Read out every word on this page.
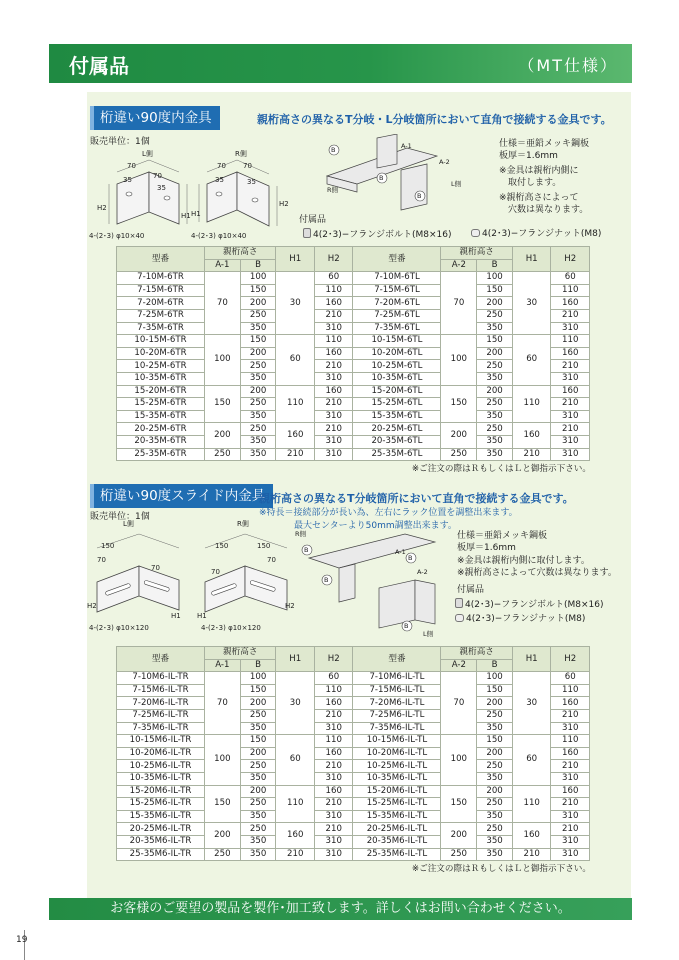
付属品	（MT仕様）
桁違い90度内金具	親桁高さの異なるT分岐・L分岐箇所において直角で接続する金具です。
販売単位：1個
L側	R側
70
70
35
35
70 70
35	35
H2
H1 H1
H2
4-(2･3) φ10×40	4-(2･3) φ10×40
B
B
B
A-1
A-2
R側
L側
仕様＝亜鉛メッキ鋼板
板厚＝1.6mm
※金具は親桁内側に
　取付します。
※親桁高さによって
　穴数は異なります。
付属品
4(2･3)−フランジボルト(M8×16)	4(2･3)−フランジナット(M8)
型番	親桁高さ		H1	H2	型番	親桁高さ		H1	H2
	A-1	B				A-2	B		
7-10M-6TR	70	100	30	60	7-10M-6TL	70	100	30	60
7-15M-6TR		150		110	7-15M-6TL		150		110
7-20M-6TR		200		160	7-20M-6TL		200		160
7-25M-6TR		250		210	7-25M-6TL		250		210
7-35M-6TR		350		310	7-35M-6TL		350		310
10-15M-6TR	100	150	60	110	10-15M-6TL	100	150	60	110
10-20M-6TR		200		160	10-20M-6TL		200		160
10-25M-6TR		250		210	10-25M-6TL		250		210
10-35M-6TR		350		310	10-35M-6TL		350		310
15-20M-6TR	150	200	110	160	15-20M-6TL	150	200	110	160
15-25M-6TR		250		210	15-25M-6TL		250		210
15-35M-6TR		350		310	15-35M-6TL		350		310
20-25M-6TR	200	250	160	210	20-25M-6TL	200	250	160	210
20-35M-6TR		350		310	20-35M-6TL		350		310
25-35M-6TR	250	350	210	310	25-35M-6TL	250	350	210	310
※ご注文の際はＲもしくはＬと御指示下さい。
桁違い90度スライド内金具
親桁高さの異なるT分岐箇所において直角で接続する金具です。
※特長＝接続部分が長い為、左右にラック位置を調整出来ます。
最大センターより50mm調整出来ます。
販売単位：1個
L側	R側
150	150	150
70
70	70
70
H2
H1 H1
H2
4-(2･3) φ10×120	4-(2･3) φ10×120
R側
B
B
B
B
A-1
A-2
L側
仕様＝亜鉛メッキ鋼板
板厚＝1.6mm
※金具は親桁内側に取付します。
※親桁高さによって穴数は異なります。
付属品
4(2･3)−フランジボルト(M8×16)
4(2･3)−フランジナット(M8)
型番	親桁高さ		H1	H2	型番	親桁高さ		H1	H2
	A-1	B				A-2	B		
7-10M6-IL-TR	70	100	30	60	7-10M6-IL-TL	70	100	30	60
7-15M6-IL-TR		150		110	7-15M6-IL-TL		150		110
7-20M6-IL-TR		200		160	7-20M6-IL-TL		200		160
7-25M6-IL-TR		250		210	7-25M6-IL-TL		250		210
7-35M6-IL-TR		350		310	7-35M6-IL-TL		350		310
10-15M6-IL-TR	100	150	60	110	10-15M6-IL-TL	100	150	60	110
10-20M6-IL-TR		200		160	10-20M6-IL-TL		200		160
10-25M6-IL-TR		250		210	10-25M6-IL-TL		250		210
10-35M6-IL-TR		350		310	10-35M6-IL-TL		350		310
15-20M6-IL-TR	150	200	110	160	15-20M6-IL-TL	150	200	110	160
15-25M6-IL-TR		250		210	15-25M6-IL-TL		250		210
15-35M6-IL-TR		350		310	15-35M6-IL-TL		350		310
20-25M6-IL-TR	200	250	160	210	20-25M6-IL-TL	200	250	160	210
20-35M6-IL-TR		350		310	20-35M6-IL-TL		350		310
25-35M6-IL-TR	250	350	210	310	25-35M6-IL-TL	250	350	210	310
※ご注文の際はＲもしくはＬと御指示下さい。
お客様のご要望の製品を製作･加工致します。詳しくはお問い合わせください。
19
